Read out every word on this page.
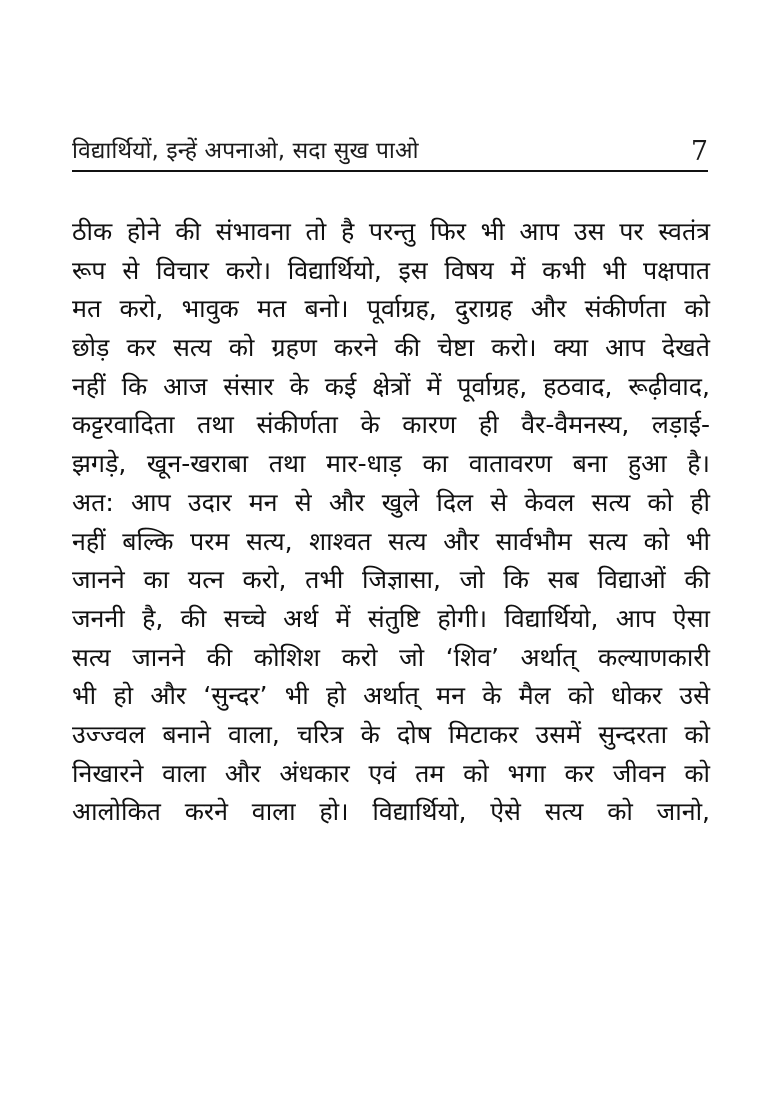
विद्यार्थियों, इन्हें अपनाओ, सदा सुख पाओ	7
ठीक होने की संभावना तो है परन्तु फिर भी आप उस पर स्वतंत्र
रूप से विचार करो। विद्यार्थियो, इस विषय में कभी भी पक्षपात
मत करो, भावुक मत बनो। पूर्वाग्रह, दुराग्रह और संकीर्णता को
छोड़ कर सत्य को ग्रहण करने की चेष्टा करो। क्या आप देखते
नहीं कि आज संसार के कई क्षेत्रों में पूर्वाग्रह, हठवाद, रूढ़ीवाद,
कट्टरवादिता तथा संकीर्णता के कारण ही वैर-वैमनस्य, लड़ाई-
झगड़े, खून-खराबा तथा मार-धाड़ का वातावरण बना हुआ है।
अत: आप उदार मन से और खुले दिल से केवल सत्य को ही
नहीं बल्कि परम सत्य, शाश्वत सत्य और सार्वभौम सत्य को भी
जानने का यत्न करो, तभी जिज्ञासा, जो कि सब विद्याओं की
जननी है, की सच्चे अर्थ में संतुष्टि होगी। विद्यार्थियो, आप ऐसा
सत्य जानने की कोशिश करो जो ‘शिव’ अर्थात् कल्याणकारी
भी हो और ‘सुन्दर’ भी हो अर्थात् मन के मैल को धोकर उसे
उज्ज्वल बनाने वाला, चरित्र के दोष मिटाकर उसमें सुन्दरता को
निखारने वाला और अंधकार एवं तम को भगा कर जीवन को
आलोकित करने वाला हो। विद्यार्थियो, ऐसे सत्य को जानो,
